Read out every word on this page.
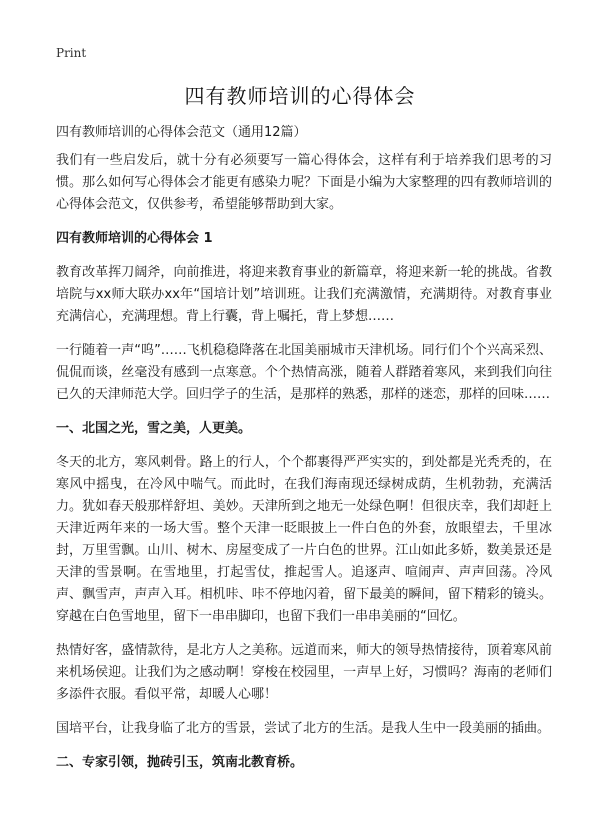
Print
四有教师培训的心得体会
四有教师培训的心得体会范文（通用12篇）

我们有一些启发后，就十分有必须要写一篇心得体会，这样有利于培养我们思考的习惯。那么如何写心得体会才能更有感染力呢？下面是小编为大家整理的四有教师培训的心得体会范文，仅供参考，希望能够帮助到大家。

四有教师培训的心得体会 1

教育改革挥刀阔斧，向前推进，将迎来教育事业的新篇章，将迎来新一轮的挑战。省教培院与xx师大联办xx年“国培计划”培训班。让我们充满激情，充满期待。对教育事业充满信心，充满理想。背上行囊，背上嘱托，背上梦想……

一行随着一声“呜”……飞机稳稳降落在北国美丽城市天津机场。同行们个个兴高采烈、侃侃而谈，丝毫没有感到一点寒意。个个热情高涨，随着人群踏着寒风，来到我们向往已久的天津师范大学。回归学子的生活，是那样的熟悉，那样的迷恋，那样的回味……

一、北国之光，雪之美，人更美。

冬天的北方，寒风刺骨。路上的行人，个个都裹得严严实实的，到处都是光秃秃的，在寒风中摇曳，在冷风中喘气。而此时，在我们海南现还绿树成荫，生机勃勃，充满活力。犹如春天般那样舒坦、美妙。天津所到之地无一处绿色啊！但很庆幸，我们却赶上天津近两年来的一场大雪。整个天津一眨眼披上一件白色的外套，放眼望去，千里冰封，万里雪飘。山川、树木、房屋变成了一片白色的世界。江山如此多娇，数美景还是天津的雪景啊。在雪地里，打起雪仗，推起雪人。追逐声、喧闹声、声声回荡。冷风声、飘雪声，声声入耳。相机咔、咔不停地闪着，留下最美的瞬间，留下精彩的镜头。穿越在白色雪地里，留下一串串脚印，也留下我们一串串美丽的“回忆。

热情好客，盛情款待，是北方人之美称。远道而来，师大的领导热情接待，顶着寒风前来机场侯迎。让我们为之感动啊！穿梭在校园里，一声早上好，习惯吗？海南的老师们多添件衣服。看似平常，却暖人心哪！

国培平台，让我身临了北方的雪景，尝试了北方的生活。是我人生中一段美丽的插曲。

二、专家引领，抛砖引玉，筑南北教育桥。
